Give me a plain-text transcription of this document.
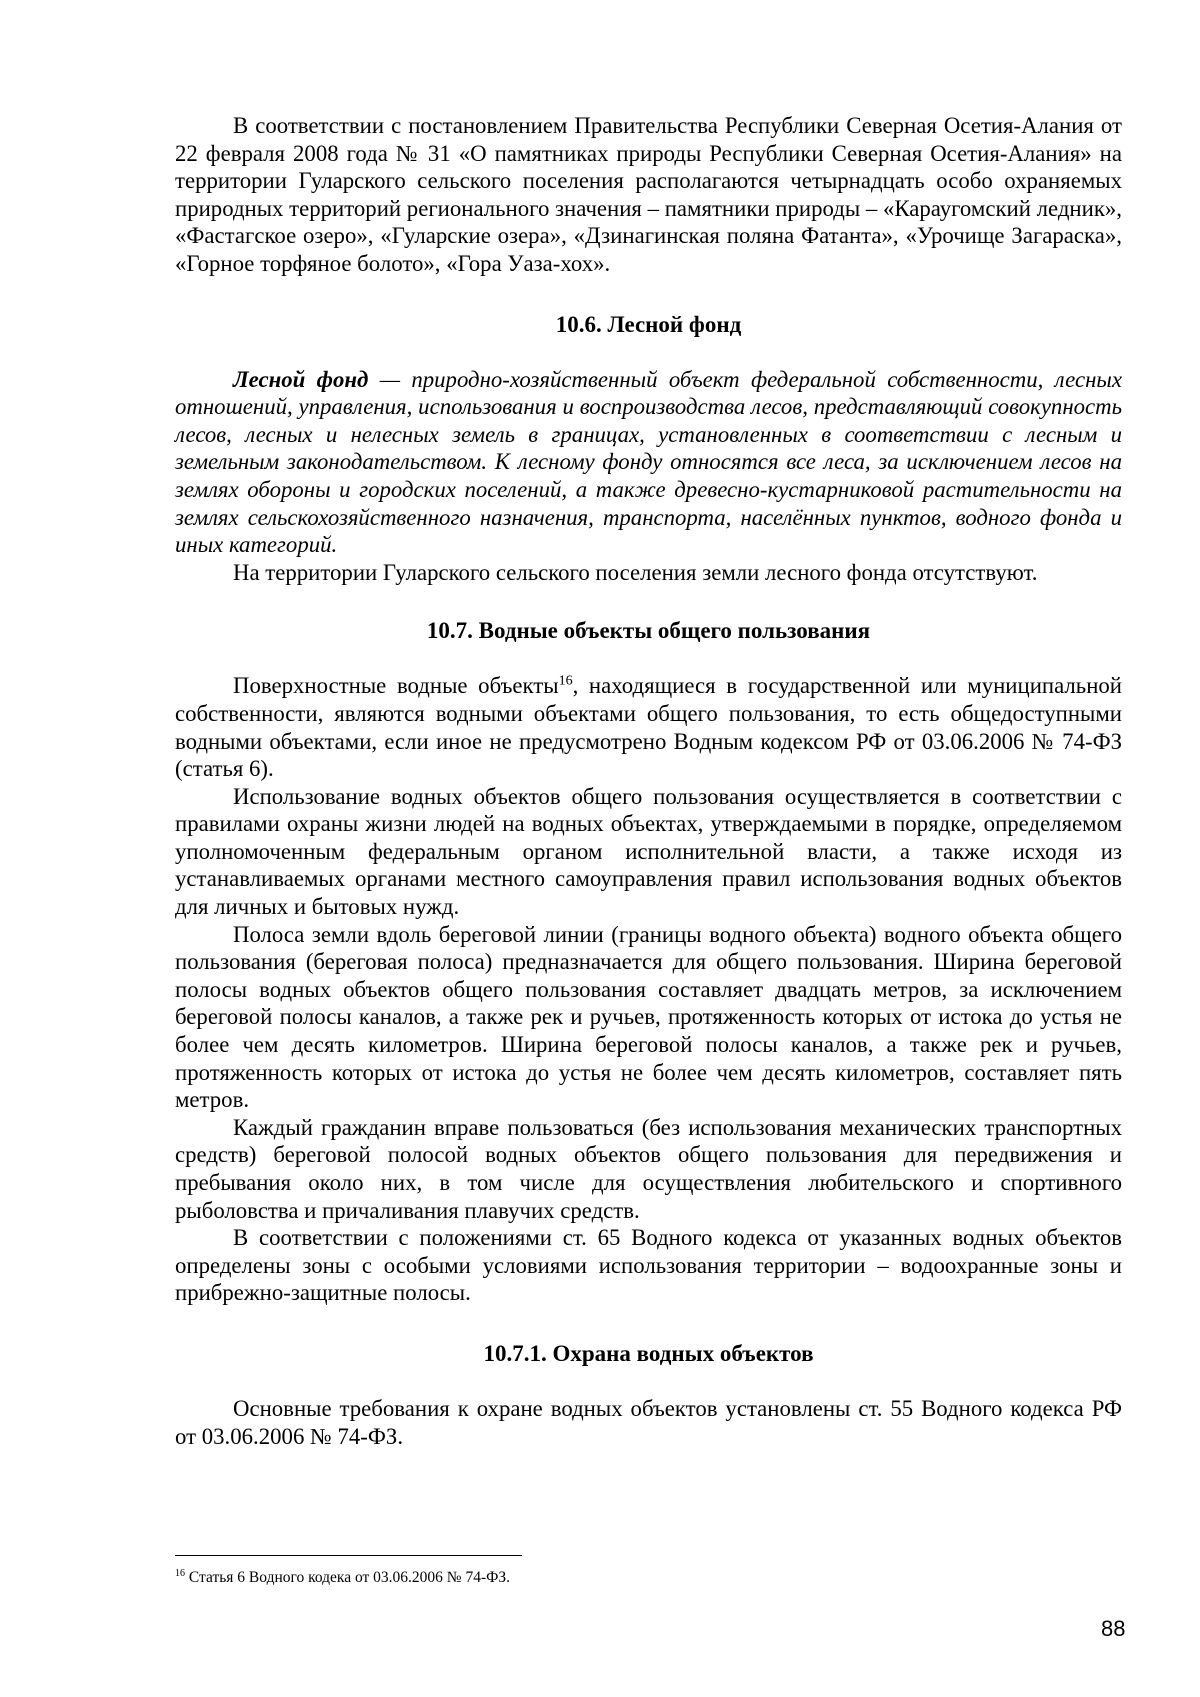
В соответствии с постановлением Правительства Республики Северная Осетия-Алания от 22 февраля 2008 года № 31 «О памятниках природы Республики Северная Осетия-Алания» на территории Гуларского сельского поселения располагаются четырнадцать особо охраняемых природных территорий регионального значения – памятники природы – «Караугомский ледник», «Фастагское озеро», «Гуларские озера», «Дзинагинская поляна Фатанта», «Урочище Загараска», «Горное торфяное болото», «Гора Уаза-хох».

10.6. Лесной фонд

Лесной фонд — природно-хозяйственный объект федеральной собственности, лесных отношений, управления, использования и воспроизводства лесов, представляющий совокупность лесов, лесных и нелесных земель в границах, установленных в соответствии с лесным и земельным законодательством. К лесному фонду относятся все леса, за исключением лесов на землях обороны и городских поселений, а также древесно-кустарниковой растительности на землях сельскохозяйственного назначения, транспорта, населённых пунктов, водного фонда и иных категорий.

На территории Гуларского сельского поселения земли лесного фонда отсутствуют.

10.7. Водные объекты общего пользования

Поверхностные водные объекты$^{16}$, находящиеся в государственной или муниципальной собственности, являются водными объектами общего пользования, то есть общедоступными водными объектами, если иное не предусмотрено Водным кодексом РФ от 03.06.2006 № 74-ФЗ (статья 6).

Использование водных объектов общего пользования осуществляется в соответствии с правилами охраны жизни людей на водных объектах, утверждаемыми в порядке, определяемом уполномоченным федеральным органом исполнительной власти, а также исходя из устанавливаемых органами местного самоуправления правил использования водных объектов для личных и бытовых нужд.

Полоса земли вдоль береговой линии (границы водного объекта) водного объекта общего пользования (береговая полоса) предназначается для общего пользования. Ширина береговой полосы водных объектов общего пользования составляет двадцать метров, за исключением береговой полосы каналов, а также рек и ручьев, протяженность которых от истока до устья не более чем десять километров. Ширина береговой полосы каналов, а также рек и ручьев, протяженность которых от истока до устья не более чем десять километров, составляет пять метров.

Каждый гражданин вправе пользоваться (без использования механических транспортных средств) береговой полосой водных объектов общего пользования для передвижения и пребывания около них, в том числе для осуществления любительского и спортивного рыболовства и причаливания плавучих средств.

В соответствии с положениями ст. 65 Водного кодекса от указанных водных объектов определены зоны с особыми условиями использования территории – водоохранные зоны и прибрежно-защитные полосы.

10.7.1. Охрана водных объектов

Основные требования к охране водных объектов установлены ст. 55 Водного кодекса РФ от 03.06.2006 № 74-ФЗ.

$^{16}$ Статья 6 Водного кодека от 03.06.2006 № 74-ФЗ.
88
